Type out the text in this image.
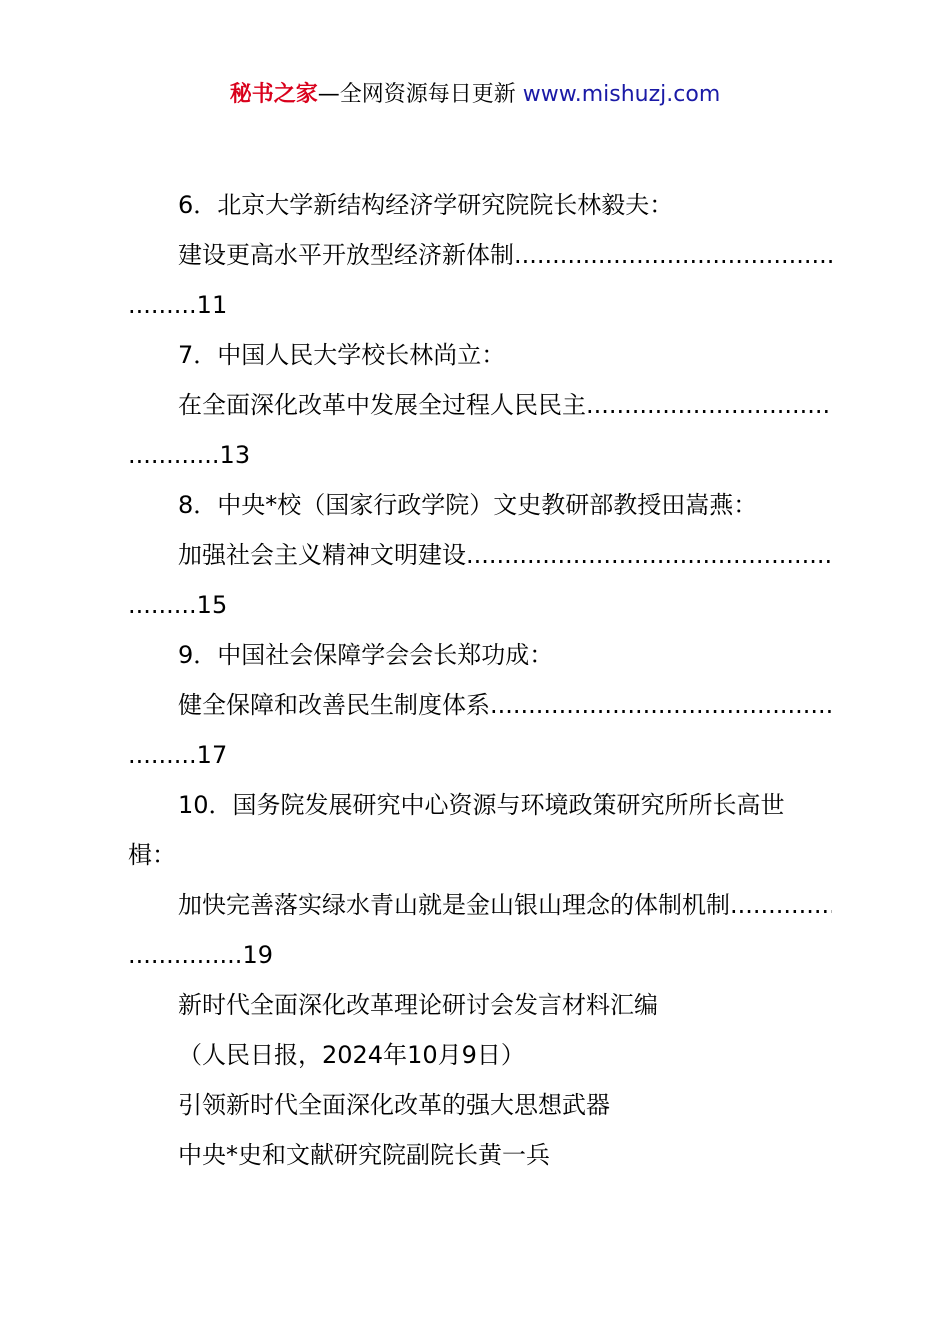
秘书之家—全网资源每日更新 www.mishuzj.com
6．北京大学新结构经济学研究院院长林毅夫：
建设更高水平开放型经济新体制
.....
.........11
7．中国人民大学校长林尚立：
在全面深化改革中发展全过程人民民主
.....
............13
8．中央*校（国家行政学院）文史教研部教授田嵩燕：
加强社会主义精神文明建设
.....
.........15
9．中国社会保障学会会长郑功成：
健全保障和改善民生制度体系
.....
.........17
10．国务院发展研究中心资源与环境政策研究所所长高世
楫：
加快完善落实绿水青山就是金山银山理念的体制机制
.....
...............19
新时代全面深化改革理论研讨会发言材料汇编
（人民日报，2024年10月9日）
引领新时代全面深化改革的强大思想武器
中央*史和文献研究院副院长黄一兵
